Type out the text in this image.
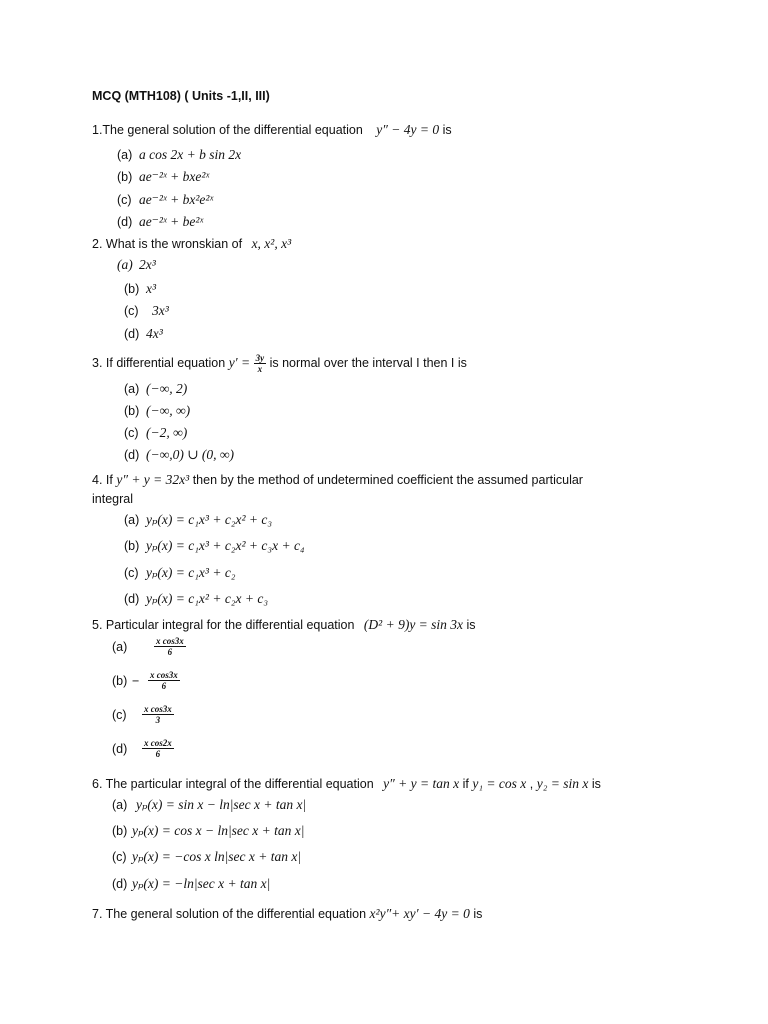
MCQ (MTH108) ( Units -1,II, III)
1.The general solution of the differential equation y″ − 4y = 0 is
(a) a cos 2x + b sin 2x
(b) ae⁻²ˣ + bxe²ˣ
(c) ae⁻²ˣ + bx²e²ˣ
(d) ae⁻²ˣ + be²ˣ
2. What is the wronskian of x, x², x³
(a) 2x³
(b) x³
(c) 3x³
(d) 4x³
3. If differential equation $y' = \frac{3y}{x}$ is normal over the interval I then I is
(a) (−∞, 2)
(b) (−∞, ∞)
(c) (−2, ∞)
(d) (−∞,0) ∪ (0, ∞)
4. If y″ + y = 32x³ then by the method of undetermined coefficient the assumed particular
integral
(a) yₚ(x) = c₁x³ + c₂x² + c₃
(b) yₚ(x) = c₁x³ + c₂x² + c₃x + c₄
(c) yₚ(x) = c₁x³ + c₂
(d) yₚ(x) = c₁x² + c₂x + c₃
5. Particular integral for the differential equation (D² + 9)y = sin 3x is
(a)	$\frac{\text{x cos3x}}{6}$
$(b) - \frac{\text{x cos3x}}{6}$
$(c) \frac{\text{x cos3x}}{3}$
$(d) \frac{\text{x cos2x}}{6}$
6. The particular integral of the differential equation y″ + y = tan x if y₁ = cos x , y₂ = sin x is
(a) yₚ(x) = sin x − ln|sec x + tan x|
(b) yₚ(x) = cos x − ln|sec x + tan x|
(c) yₚ(x) = −cos x ln|sec x + tan x|
(d) yₚ(x) = −ln|sec x + tan x|
7. The general solution of the differential equation x²y″+ xy′ − 4y = 0 is
